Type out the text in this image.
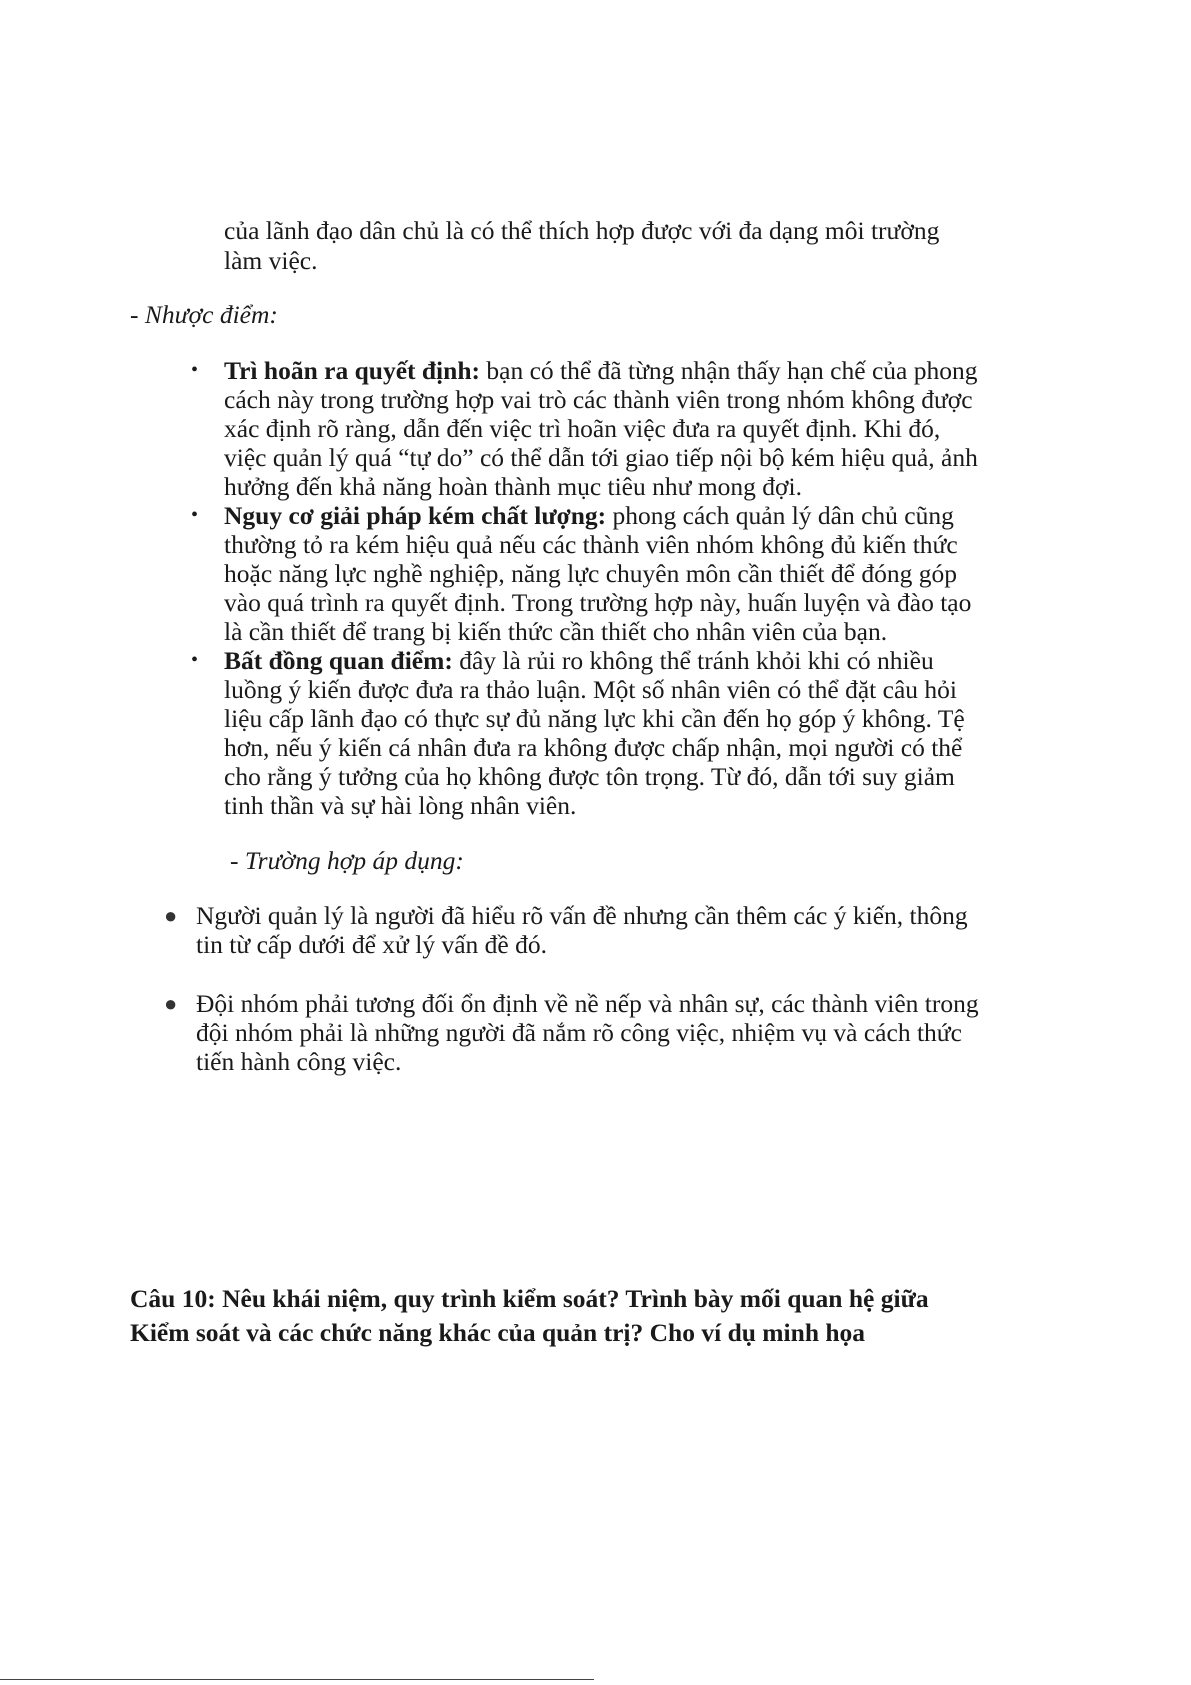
của lãnh đạo dân chủ là có thể thích hợp được với đa dạng môi trường
làm việc.
- Nhược điểm:
• Trì hoãn ra quyết định: bạn có thể đã từng nhận thấy hạn chế của phong
cách này trong trường hợp vai trò các thành viên trong nhóm không được
xác định rõ ràng, dẫn đến việc trì hoãn việc đưa ra quyết định. Khi đó,
việc quản lý quá “tự do” có thể dẫn tới giao tiếp nội bộ kém hiệu quả, ảnh
hưởng đến khả năng hoàn thành mục tiêu như mong đợi.
• Nguy cơ giải pháp kém chất lượng: phong cách quản lý dân chủ cũng
thường tỏ ra kém hiệu quả nếu các thành viên nhóm không đủ kiến thức
hoặc năng lực nghề nghiệp, năng lực chuyên môn cần thiết để đóng góp
vào quá trình ra quyết định. Trong trường hợp này, huấn luyện và đào tạo
là cần thiết để trang bị kiến thức cần thiết cho nhân viên của bạn.
• Bất đồng quan điểm: đây là rủi ro không thể tránh khỏi khi có nhiều
luồng ý kiến được đưa ra thảo luận. Một số nhân viên có thể đặt câu hỏi
liệu cấp lãnh đạo có thực sự đủ năng lực khi cần đến họ góp ý không. Tệ
hơn, nếu ý kiến cá nhân đưa ra không được chấp nhận, mọi người có thể
cho rằng ý tưởng của họ không được tôn trọng. Từ đó, dẫn tới suy giảm
tinh thần và sự hài lòng nhân viên.
- Trường hợp áp dụng:
● Người quản lý là người đã hiểu rõ vấn đề nhưng cần thêm các ý kiến, thông
tin từ cấp dưới để xử lý vấn đề đó.
● Đội nhóm phải tương đối ổn định về nề nếp và nhân sự, các thành viên trong
đội nhóm phải là những người đã nắm rõ công việc, nhiệm vụ và cách thức
tiến hành công việc.
Câu 10: Nêu khái niệm, quy trình kiểm soát? Trình bày mối quan hệ giữa
Kiểm soát và các chức năng khác của quản trị? Cho ví dụ minh họa
